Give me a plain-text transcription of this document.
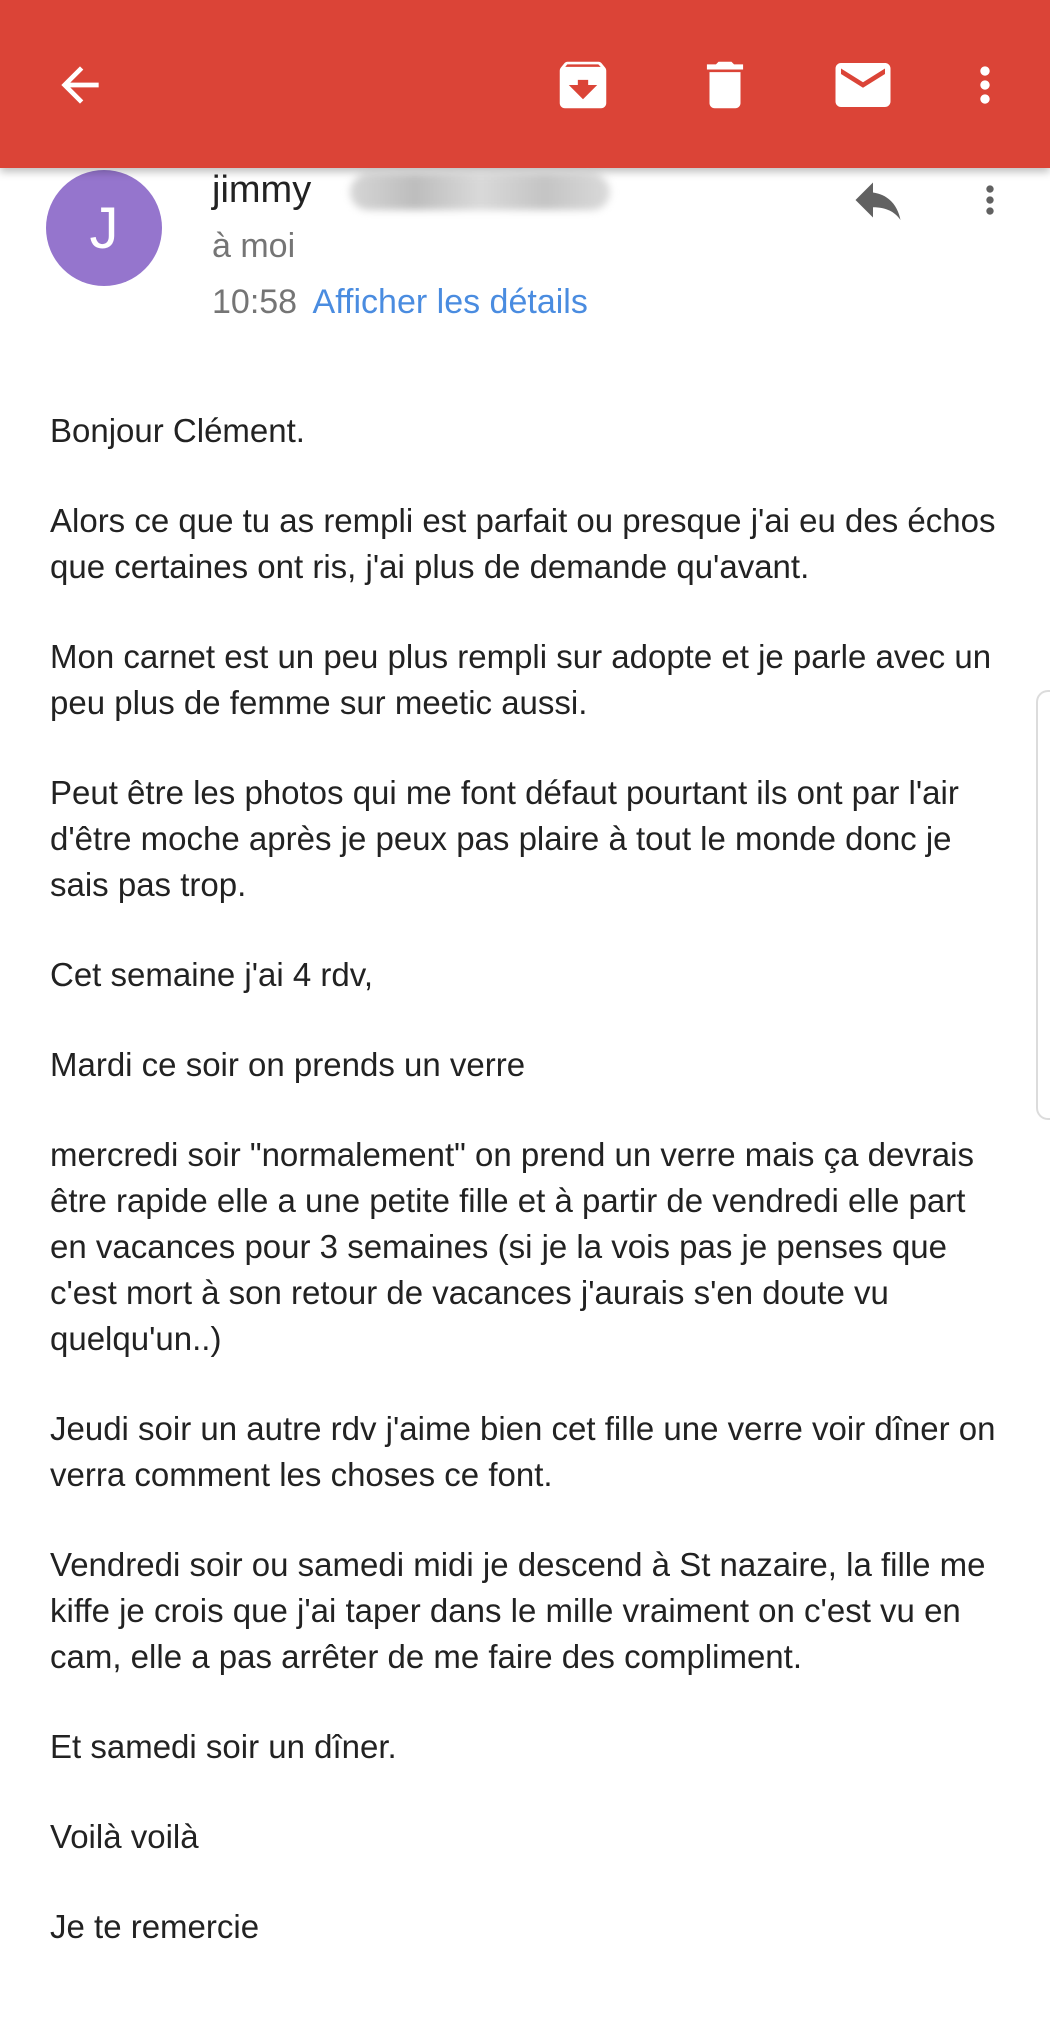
J
jimmy
à moi
10:58 Afficher les détails

Bonjour Clément.

Alors ce que tu as rempli est parfait ou presque j'ai eu des échos que certaines ont ris, j'ai plus de demande qu'avant.

Mon carnet est un peu plus rempli sur adopte et je parle avec un peu plus de femme sur meetic aussi.

Peut être les photos qui me font défaut pourtant ils ont par l'air d'être moche après je peux pas plaire à tout le monde donc je sais pas trop.

Cet semaine j'ai 4 rdv,

Mardi ce soir on prends un verre

mercredi soir "normalement" on prend un verre mais ça devrais être rapide elle a une petite fille et à partir de vendredi elle part en vacances pour 3 semaines (si je la vois pas je penses que c'est mort à son retour de vacances j'aurais s'en doute vu quelqu'un..)

Jeudi soir un autre rdv j'aime bien cet fille une verre voir dîner on verra comment les choses ce font.

Vendredi soir ou samedi midi je descend à St nazaire, la fille me kiffe je crois que j'ai taper dans le mille vraiment on c'est vu en cam, elle a pas arrêter de me faire des compliment.

Et samedi soir un dîner.

Voilà voilà

Je te remercie
